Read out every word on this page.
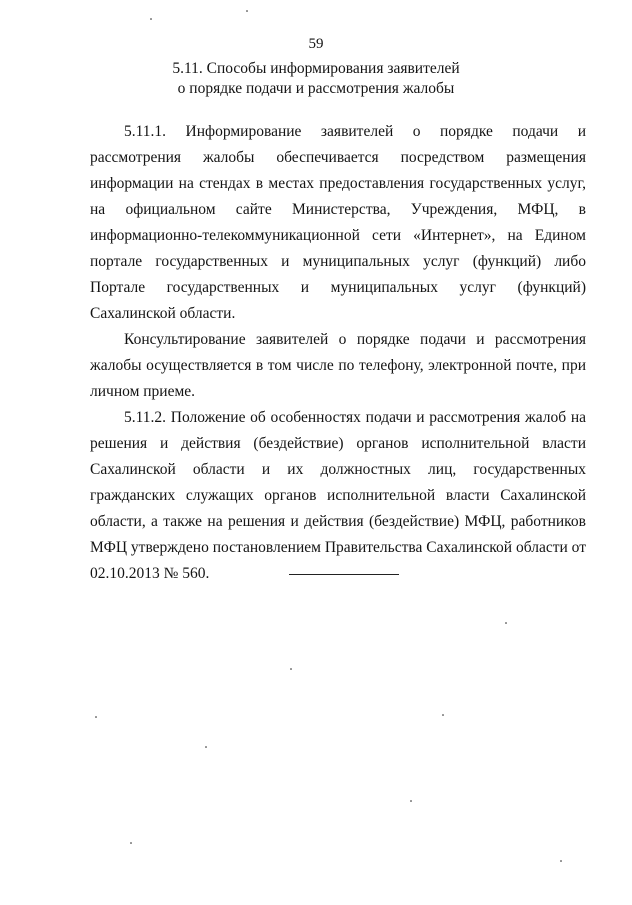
59
5.11. Способы информирования заявителей
о порядке подачи и рассмотрения жалобы

5.11.1. Информирование заявителей о порядке подачи и рассмотрения жалобы обеспечивается посредством размещения информации на стендах в местах предоставления государственных услуг, на официальном сайте Министерства, Учреждения, МФЦ, в информационно-телекоммуникационной сети «Интернет», на Едином портале государственных и муниципальных услуг (функций) либо Портале государственных и муниципальных услуг (функций) Сахалинской области.

Консультирование заявителей о порядке подачи и рассмотрения жалобы осуществляется в том числе по телефону, электронной почте, при личном приеме.

5.11.2. Положение об особенностях подачи и рассмотрения жалоб на решения и действия (бездействие) органов исполнительной власти Сахалинской области и их должностных лиц, государственных гражданских служащих органов исполнительной власти Сахалинской области, а также на решения и действия (бездействие) МФЦ, работников МФЦ утверждено постановлением Правительства Сахалинской области от 02.10.2013 № 560.
